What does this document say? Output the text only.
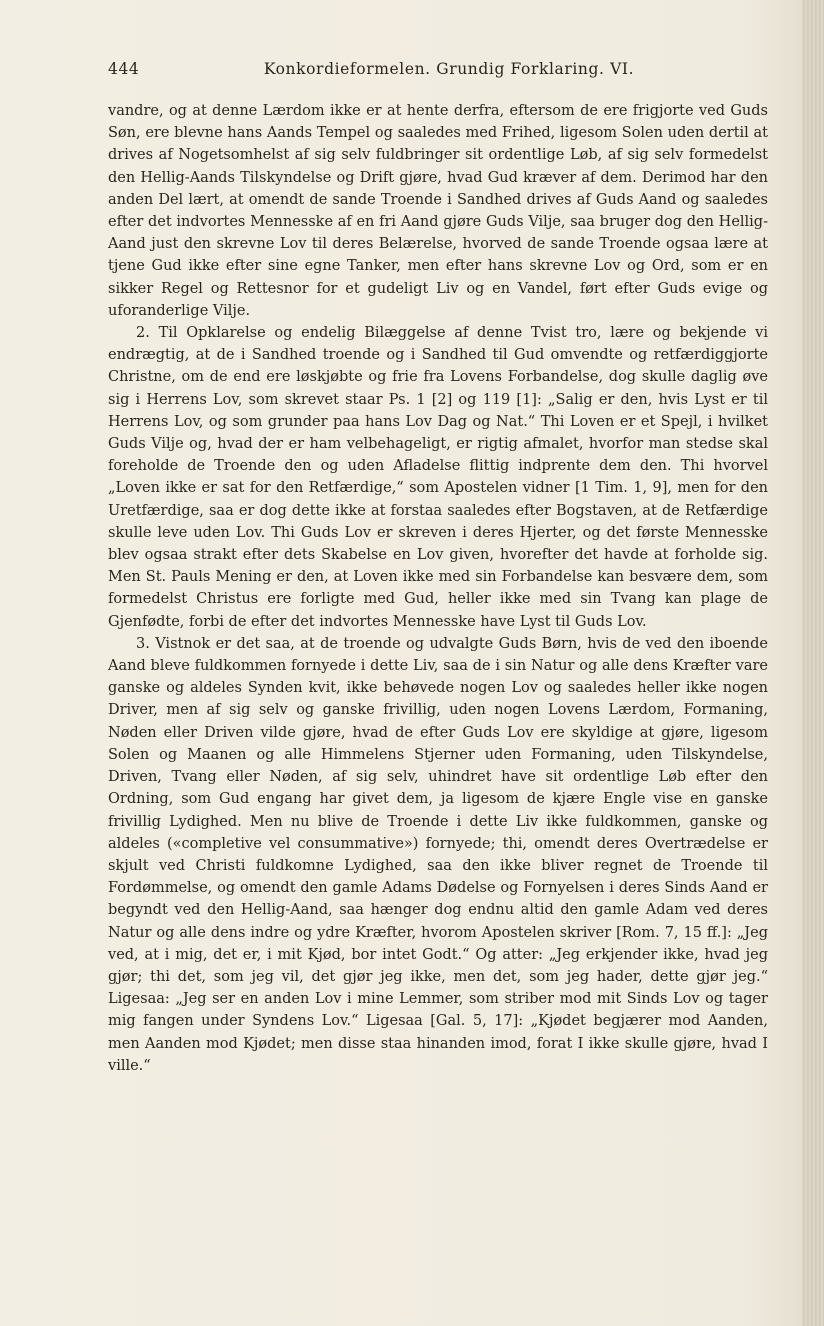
444	Konkordieformelen. Grundig Forklaring. VI.

vandre, og at denne Lærdom ikke er at hente derfra, eftersom de ere frigjorte ved Guds Søn, ere blevne hans Aands Tempel og saaledes med Frihed, ligesom Solen uden dertil at drives af Nogetsomhelst af sig selv fuldbringer sit ordentlige Løb, af sig selv formedelst den Hellig-Aands Tilskyndelse og Drift gjøre, hvad Gud kræver af dem. Derimod har den anden Del lært, at omendt de sande Troende i Sandhed drives af Guds Aand og saaledes efter det indvortes Mennesske af en fri Aand gjøre Guds Vilje, saa bruger dog den Hellig-Aand just den skrevne Lov til deres Belærelse, hvorved de sande Troende ogsaa lære at tjene Gud ikke efter sine egne Tanker, men efter hans skrevne Lov og Ord, som er en sikker Regel og Rettesnor for et gudeligt Liv og en Vandel, ført efter Guds evige og uforanderlige Vilje.

2. Til Opklarelse og endelig Bilæggelse af denne Tvist tro, lære og bekjende vi endrægtig, at de i Sandhed troende og i Sandhed til Gud omvendte og retfærdiggjorte Christne, om de end ere løskjøbte og frie fra Lovens Forbandelse, dog skulle daglig øve sig i Herrens Lov, som skrevet staar Ps. 1 [2] og 119 [1]: „Salig er den, hvis Lyst er til Herrens Lov, og som grunder paa hans Lov Dag og Nat.“ Thi Loven er et Spejl, i hvilket Guds Vilje og, hvad der er ham velbehageligt, er rigtig afmalet, hvorfor man stedse skal foreholde de Troende den og uden Afladelse flittig indprente dem den. Thi hvorvel „Loven ikke er sat for den Retfærdige,“ som Apostelen vidner [1 Tim. 1, 9], men for den Uretfærdige, saa er dog dette ikke at forstaa saaledes efter Bogstaven, at de Retfærdige skulle leve uden Lov. Thi Guds Lov er skreven i deres Hjerter, og det første Mennesske blev ogsaa strakt efter dets Skabelse en Lov given, hvorefter det havde at forholde sig. Men St. Pauls Mening er den, at Loven ikke med sin Forbandelse kan besvære dem, som formedelst Christus ere forligte med Gud, heller ikke med sin Tvang kan plage de Gjenfødte, forbi de efter det indvortes Mennesske have Lyst til Guds Lov.

3. Vistnok er det saa, at de troende og udvalgte Guds Børn, hvis de ved den iboende Aand bleve fuldkommen fornyede i dette Liv, saa de i sin Natur og alle dens Kræfter vare ganske og aldeles Synden kvit, ikke behøvede nogen Lov og saaledes heller ikke nogen Driver, men af sig selv og ganske frivillig, uden nogen Lovens Lærdom, Formaning, Nøden eller Driven vilde gjøre, hvad de efter Guds Lov ere skyldige at gjøre, ligesom Solen og Maanen og alle Himmelens Stjerner uden Formaning, uden Tilskyndelse, Driven, Tvang eller Nøden, af sig selv, uhindret have sit ordentlige Løb efter den Ordning, som Gud engang har givet dem, ja ligesom de kjære Engle vise en ganske frivillig Lydighed. Men nu blive de Troende i dette Liv ikke fuldkommen, ganske og aldeles («completive vel consummative») fornyede; thi, omendt deres Overtrædelse er skjult ved Christi fuldkomne Lydighed, saa den ikke bliver regnet de Troende til Fordømmelse, og omendt den gamle Adams Dødelse og Fornyelsen i deres Sinds Aand er begyndt ved den Hellig-Aand, saa hænger dog endnu altid den gamle Adam ved deres Natur og alle dens indre og ydre Kræfter, hvorom Apostelen skriver [Rom. 7, 15 ff.]: „Jeg ved, at i mig, det er, i mit Kjød, bor intet Godt.“ Og atter: „Jeg erkjender ikke, hvad jeg gjør; thi det, som jeg vil, det gjør jeg ikke, men det, som jeg hader, dette gjør jeg.“ Ligesaa: „Jeg ser en anden Lov i mine Lemmer, som striber mod mit Sinds Lov og tager mig fangen under Syndens Lov.“ Ligesaa [Gal. 5, 17]: „Kjødet begjærer mod Aanden, men Aanden mod Kjødet; men disse staa hinanden imod, forat I ikke skulle gjøre, hvad I ville.“
